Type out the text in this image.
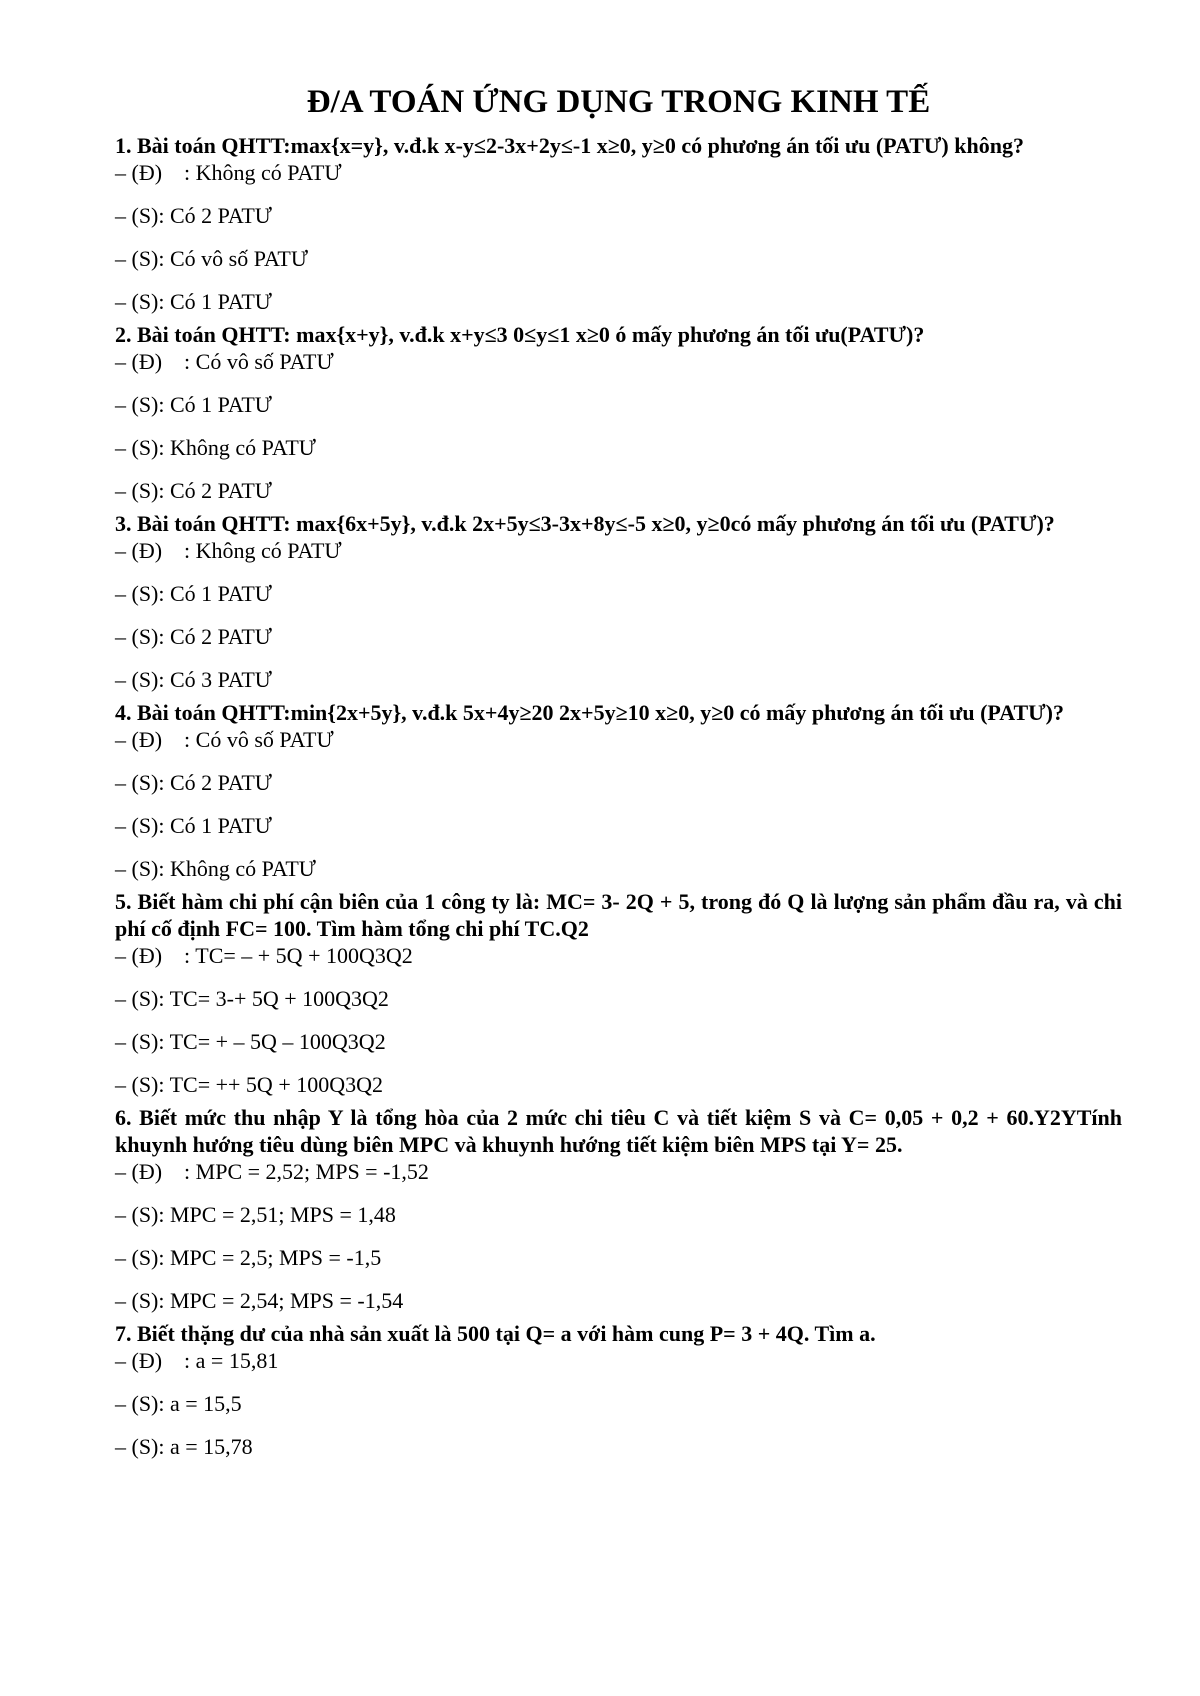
Đ/A TOÁN ỨNG DỤNG TRONG KINH TẾ

1. Bài toán QHTT:max{x=y}, v.đ.k x-y≤2-3x+2y≤-1 x≥0, y≥0 có phương án tối ưu (PATƯ) không?

– (Đ)    : Không có PATƯ

– (S): Có 2 PATƯ

– (S): Có vô số PATƯ

– (S): Có 1 PATƯ

2. Bài toán QHTT: max{x+y}, v.đ.k x+y≤3 0≤y≤1 x≥0 ó mấy phương án tối ưu(PATƯ)?

– (Đ)    : Có vô số PATƯ

– (S): Có 1 PATƯ

– (S): Không có PATƯ

– (S): Có 2 PATƯ

3. Bài toán QHTT: max{6x+5y}, v.đ.k 2x+5y≤3-3x+8y≤-5 x≥0, y≥0có mấy phương án tối ưu (PATƯ)?

– (Đ)    : Không có PATƯ

– (S): Có 1 PATƯ

– (S): Có 2 PATƯ

– (S): Có 3 PATƯ

4. Bài toán QHTT:min{2x+5y}, v.đ.k 5x+4y≥20 2x+5y≥10 x≥0, y≥0 có mấy phương án tối ưu (PATƯ)?

– (Đ)    : Có vô số PATƯ

– (S): Có 2 PATƯ

– (S): Có 1 PATƯ

– (S): Không có PATƯ

5. Biết hàm chi phí cận biên của 1 công ty là: MC= 3- 2Q + 5, trong đó Q là lượng sản phẩm đầu ra, và chi phí cố định FC= 100. Tìm hàm tổng chi phí TC.Q2

– (Đ)    : TC= – + 5Q + 100Q3Q2

– (S): TC= 3-+ 5Q + 100Q3Q2

– (S): TC= + – 5Q – 100Q3Q2

– (S): TC= ++ 5Q + 100Q3Q2

6. Biết mức thu nhập Y là tổng hòa của 2 mức chi tiêu C và tiết kiệm S và C= 0,05 + 0,2 + 60.Y2YTính khuynh hướng tiêu dùng biên MPC và khuynh hướng tiết kiệm biên MPS tại Y= 25.

– (Đ)    : MPC = 2,52; MPS = -1,52

– (S): MPC = 2,51; MPS = 1,48

– (S): MPC = 2,5; MPS = -1,5

– (S): MPC = 2,54; MPS = -1,54

7. Biết thặng dư của nhà sản xuất là 500 tại Q= a với hàm cung P= 3 + 4Q. Tìm a.

– (Đ)    : a = 15,81

– (S): a = 15,5

– (S): a = 15,78
